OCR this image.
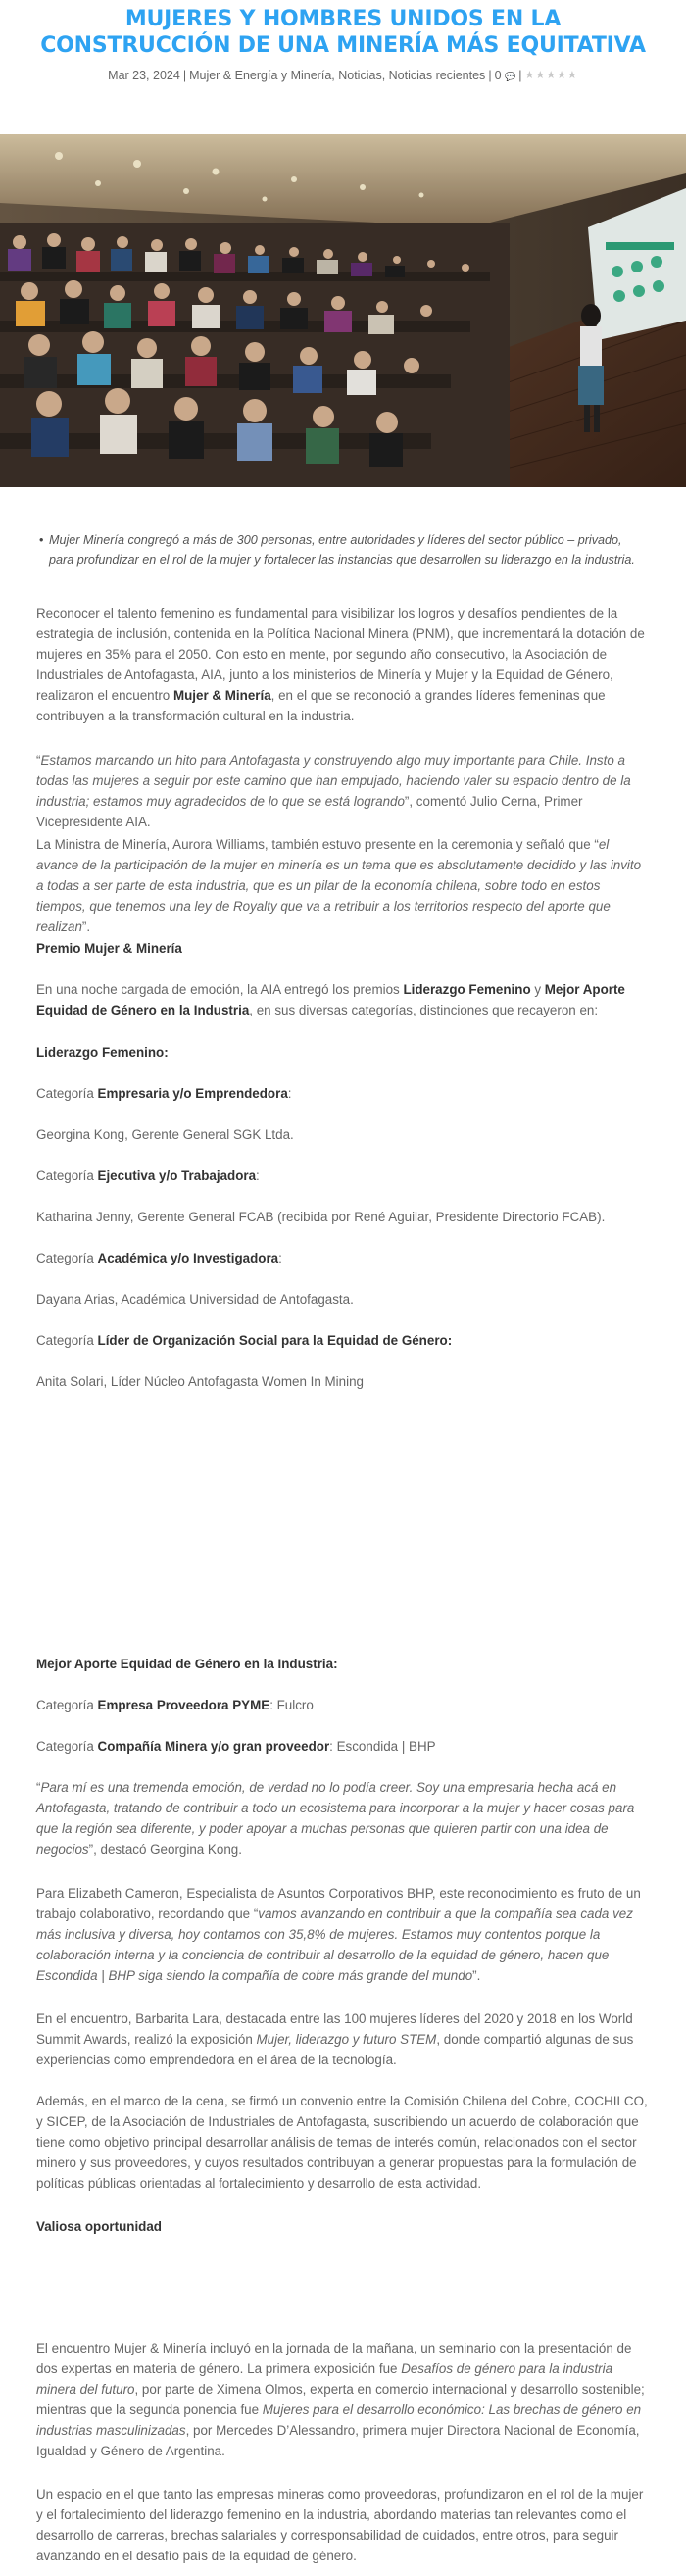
MUJERES Y HOMBRES UNIDOS EN LA CONSTRUCCIÓN DE UNA MINERÍA MÁS EQUITATIVA
Mar 23, 2024 | Mujer & Energía y Minería, Noticias, Noticias recientes | 0 💬 | ★★★★★
• Mujer Minería congregó a más de 300 personas, entre autoridades y líderes del sector público – privado, para profundizar en el rol de la mujer y fortalecer las instancias que desarrollen su liderazgo en la industria.

Reconocer el talento femenino es fundamental para visibilizar los logros y desafíos pendientes de la estrategia de inclusión, contenida en la Política Nacional Minera (PNM), que incrementará la dotación de mujeres en 35% para el 2050. Con esto en mente, por segundo año consecutivo, la Asociación de Industriales de Antofagasta, AIA, junto a los ministerios de Minería y Mujer y la Equidad de Género, realizaron el encuentro Mujer & Minería, en el que se reconoció a grandes líderes femeninas que contribuyen a la transformación cultural en la industria.

“Estamos marcando un hito para Antofagasta y construyendo algo muy importante para Chile. Insto a todas las mujeres a seguir por este camino que han empujado, haciendo valer su espacio dentro de la industria; estamos muy agradecidos de lo que se está logrando”, comentó Julio Cerna, Primer Vicepresidente AIA.

La Ministra de Minería, Aurora Williams, también estuvo presente en la ceremonia y señaló que “el avance de la participación de la mujer en minería es un tema que es absolutamente decidido y las invito a todas a ser parte de esta industria, que es un pilar de la economía chilena, sobre todo en estos tiempos, que tenemos una ley de Royalty que va a retribuir a los territorios respecto del aporte que realizan”.

Premio Mujer & Minería

En una noche cargada de emoción, la AIA entregó los premios Liderazgo Femenino y Mejor Aporte Equidad de Género en la Industria, en sus diversas categorías, distinciones que recayeron en:

Liderazgo Femenino:

Categoría Empresaria y/o Emprendedora:

Georgina Kong, Gerente General SGK Ltda.

Categoría Ejecutiva y/o Trabajadora:

Katharina Jenny, Gerente General FCAB (recibida por René Aguilar, Presidente Directorio FCAB).

Categoría Académica y/o Investigadora:

Dayana Arias, Académica Universidad de Antofagasta.

Categoría Líder de Organización Social para la Equidad de Género:

Anita Solari, Líder Núcleo Antofagasta Women In Mining

Mejor Aporte Equidad de Género en la Industria:

Categoría Empresa Proveedora PYME: Fulcro

Categoría Compañía Minera y/o gran proveedor: Escondida | BHP

“Para mí es una tremenda emoción, de verdad no lo podía creer. Soy una empresaria hecha acá en Antofagasta, tratando de contribuir a todo un ecosistema para incorporar a la mujer y hacer cosas para que la región sea diferente, y poder apoyar a muchas personas que quieren partir con una idea de negocios”, destacó Georgina Kong.

Para Elizabeth Cameron, Especialista de Asuntos Corporativos BHP, este reconocimiento es fruto de un trabajo colaborativo, recordando que “vamos avanzando en contribuir a que la compañía sea cada vez más inclusiva y diversa, hoy contamos con 35,8% de mujeres. Estamos muy contentos porque la colaboración interna y la conciencia de contribuir al desarrollo de la equidad de género, hacen que Escondida | BHP siga siendo la compañía de cobre más grande del mundo”.

En el encuentro, Barbarita Lara, destacada entre las 100 mujeres líderes del 2020 y 2018 en los World Summit Awards, realizó la exposición Mujer, liderazgo y futuro STEM, donde compartió algunas de sus experiencias como emprendedora en el área de la tecnología.

Además, en el marco de la cena, se firmó un convenio entre la Comisión Chilena del Cobre, COCHILCO, y SICEP, de la Asociación de Industriales de Antofagasta, suscribiendo un acuerdo de colaboración que tiene como objetivo principal desarrollar análisis de temas de interés común, relacionados con el sector minero y sus proveedores, y cuyos resultados contribuyan a generar propuestas para la formulación de políticas públicas orientadas al fortalecimiento y desarrollo de esta actividad.

Valiosa oportunidad

El encuentro Mujer & Minería incluyó en la jornada de la mañana, un seminario con la presentación de dos expertas en materia de género. La primera exposición fue Desafíos de género para la industria minera del futuro, por parte de Ximena Olmos, experta en comercio internacional y desarrollo sostenible; mientras que la segunda ponencia fue Mujeres para el desarrollo económico: Las brechas de género en industrias masculinizadas, por Mercedes D’Alessandro, primera mujer Directora Nacional de Economía, Igualdad y Género de Argentina.

Un espacio en el que tanto las empresas mineras como proveedoras, profundizaron en el rol de la mujer y el fortalecimiento del liderazgo femenino en la industria, abordando materias tan relevantes como el desarrollo de carreras, brechas salariales y corresponsabilidad de cuidados, entre otros, para seguir avanzando en el desafío país de la equidad de género.
